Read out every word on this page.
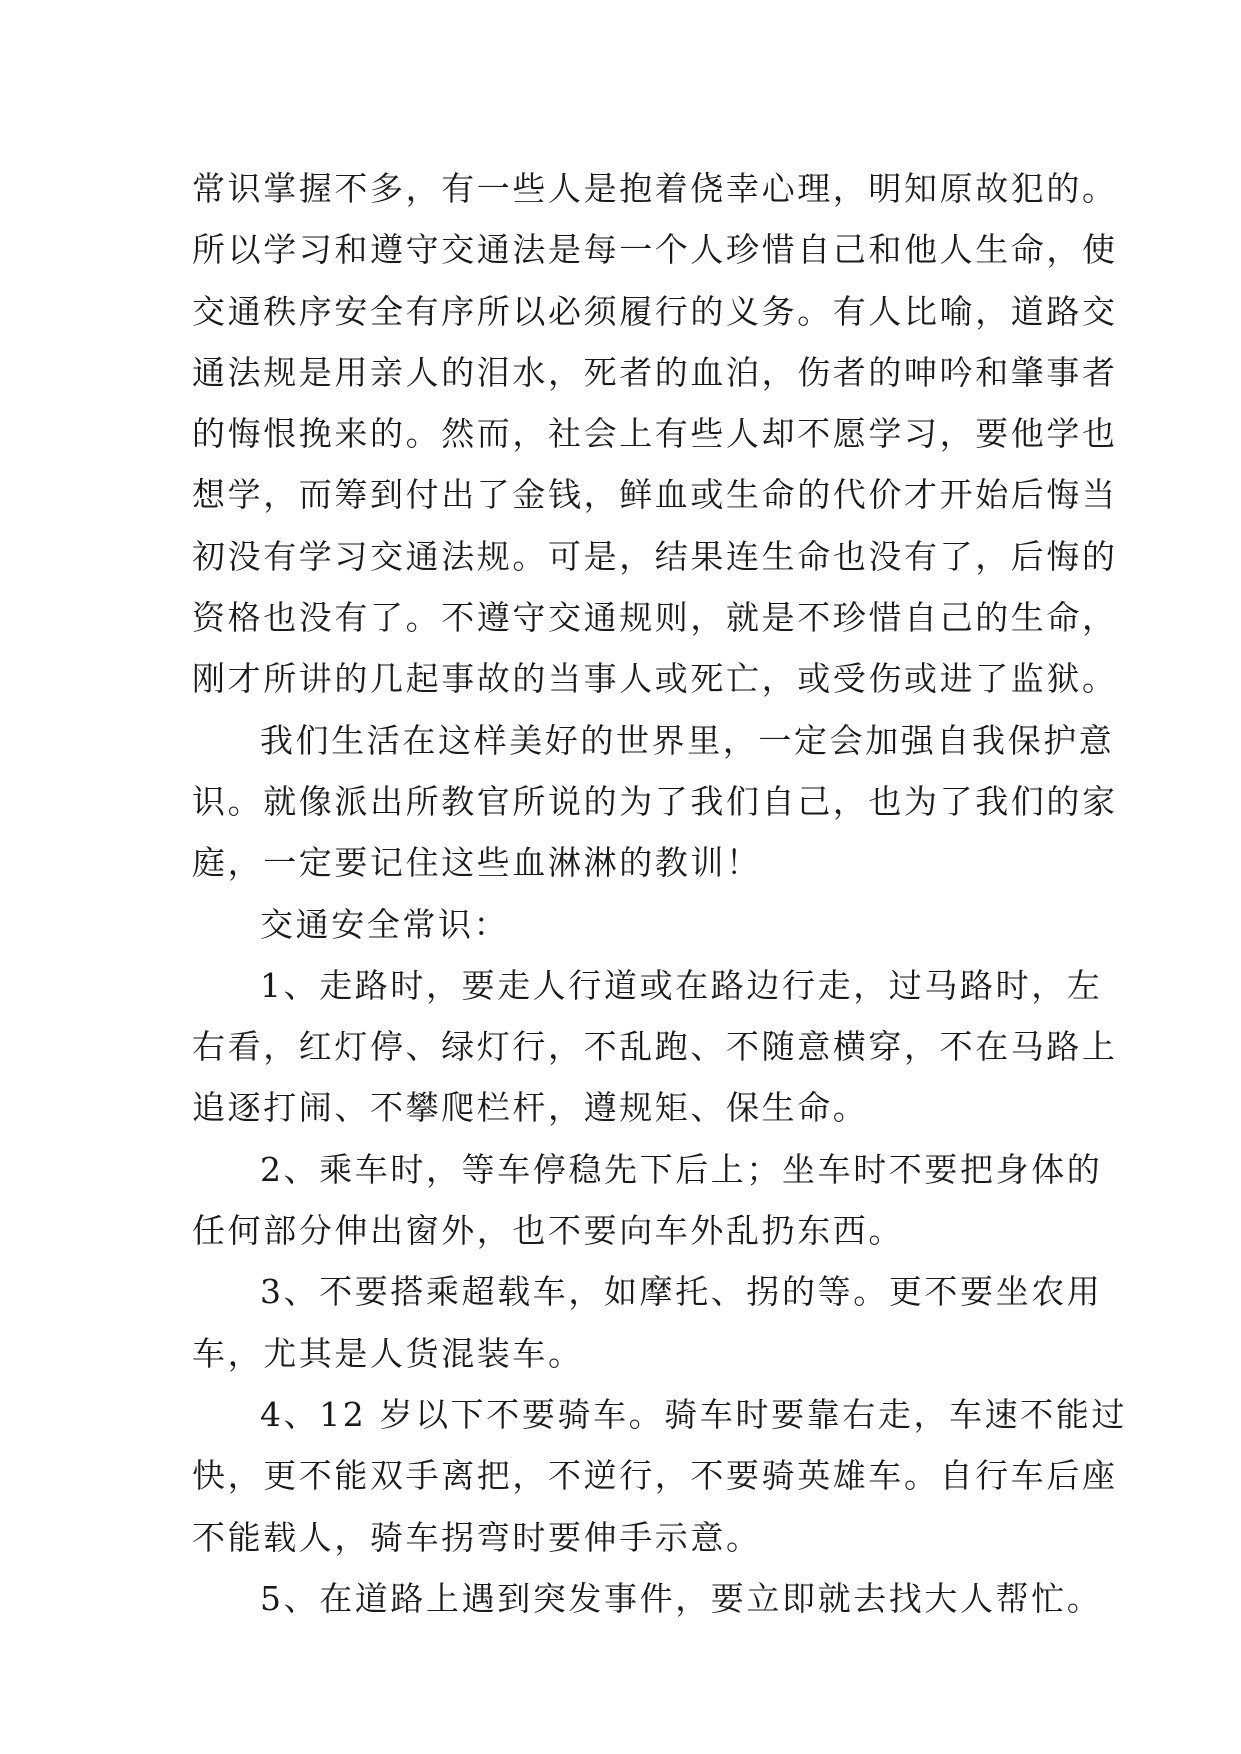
常识掌握不多，有一些人是抱着侥幸心理，明知原故犯的。
所以学习和遵守交通法是每一个人珍惜自己和他人生命，使
交通秩序安全有序所以必须履行的义务。有人比喻，道路交
通法规是用亲人的泪水，死者的血泊，伤者的呻吟和肇事者
的悔恨挽来的。然而，社会上有些人却不愿学习，要他学也
想学，而筹到付出了金钱，鲜血或生命的代价才开始后悔当
初没有学习交通法规。可是，结果连生命也没有了，后悔的
资格也没有了。不遵守交通规则，就是不珍惜自己的生命，
刚才所讲的几起事故的当事人或死亡，或受伤或进了监狱。
我们生活在这样美好的世界里，一定会加强自我保护意
识。就像派出所教官所说的为了我们自己，也为了我们的家
庭，一定要记住这些血淋淋的教训！
交通安全常识：
1、走路时，要走人行道或在路边行走，过马路时，左
右看，红灯停、绿灯行，不乱跑、不随意横穿，不在马路上
追逐打闹、不攀爬栏杆，遵规矩、保生命。
2、乘车时，等车停稳先下后上；坐车时不要把身体的
任何部分伸出窗外，也不要向车外乱扔东西。
3、不要搭乘超载车，如摩托、拐的等。更不要坐农用
车，尤其是人货混装车。
4、12 岁以下不要骑车。骑车时要靠右走，车速不能过
快，更不能双手离把，不逆行，不要骑英雄车。自行车后座
不能载人，骑车拐弯时要伸手示意。
5、在道路上遇到突发事件，要立即就去找大人帮忙。
